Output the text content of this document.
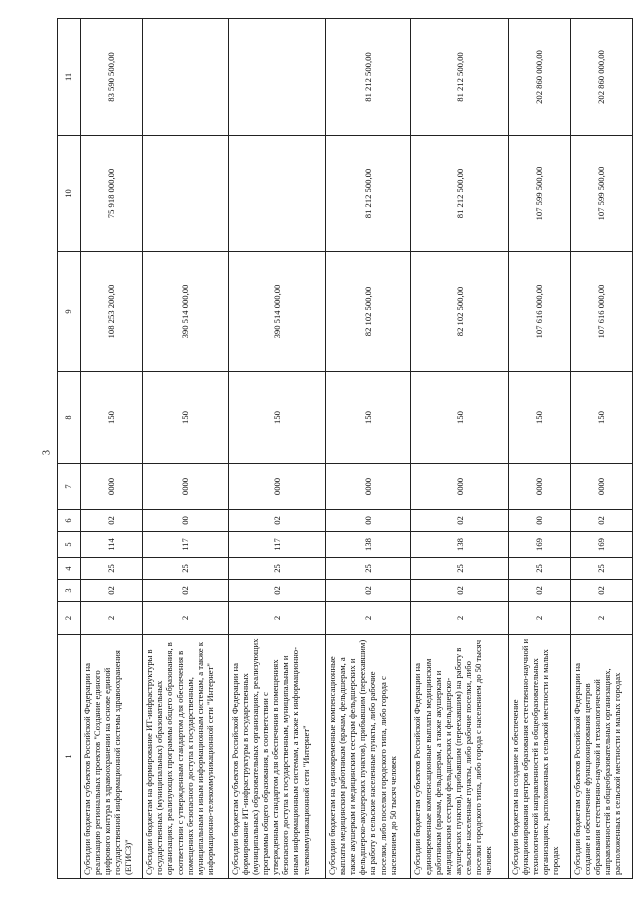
3
1	2	3	4	5	6	7	8	9	10	11
Субсидии бюджетам субъектов Российской Федерации на реализацию региональных проектов "Создание единого цифрового контура в здравоохранении на основе единой государственной информационной системы здравоохранения (ЕГИСЗ)"	2	02	25	114	02	0000	150	108 253 200,00	75 918 000,00	83 590 500,00
Субсидии бюджетам на формирование ИТ-инфраструктуры в государственных (муниципальных) образовательных организациях, реализующих программы общего образования, в соответствии с утвержденным стандартом для обеспечения в помещениях безопасного доступа к государственным, муниципальным и иным информационным системам, а также к информационно-телекоммуникационной сети "Интернет"	2	02	25	117	00	0000	150	390 514 000,00		
Субсидии бюджетам субъектов Российской Федерации на формирование ИТ-инфраструктуры в государственных (муниципальных) образовательных организациях, реализующих программы общего образования, в соответствии с утвержденным стандартом для обеспечения в помещениях безопасного доступа к государственным, муниципальным и иным информационным системам, а также к информационно-телекоммуникационной сети "Интернет"	2	02	25	117	02	0000	150	390 514 000,00		
Субсидии бюджетам на единовременные компенсационные выплаты медицинским работникам (врачам, фельдшерам, а также акушеркам и медицинским сестрам фельдшерских и фельдшерско-акушерских пунктов), прибывшим (переехавшим) на работу в сельские населенные пункты, либо рабочие поселки, либо поселки городского типа, либо города с населением до 50 тысяч человек	2	02	25	138	00	0000	150	82 102 500,00	81 212 500,00	81 212 500,00
Субсидии бюджетам субъектов Российской Федерации на единовременные компенсационные выплаты медицинским работникам (врачам, фельдшерам, а также акушеркам и медицинским сестрам фельдшерских и фельдшерско-акушерских пунктов), прибывшим (переехавшим) на работу в сельские населенные пункты, либо рабочие поселки, либо поселки городского типа, либо города с населением до 50 тысяч человек	2	02	25	138	02	0000	150	82 102 500,00	81 212 500,00	81 212 500,00
Субсидии бюджетам на создание и обеспечение функционирования центров образования естественно-научной и технологической направленностей в общеобразовательных организациях, расположенных в сельской местности и малых городах	2	02	25	169	00	0000	150	107 616 000,00	107 599 500,00	202 860 000,00
Субсидии бюджетам субъектов Российской Федерации на создание и обеспечение функционирования центров образования естественно-научной и технологической направленностей в общеобразовательных организациях, расположенных в сельской местности и малых городах	2	02	25	169	02	0000	150	107 616 000,00	107 599 500,00	202 860 000,00
